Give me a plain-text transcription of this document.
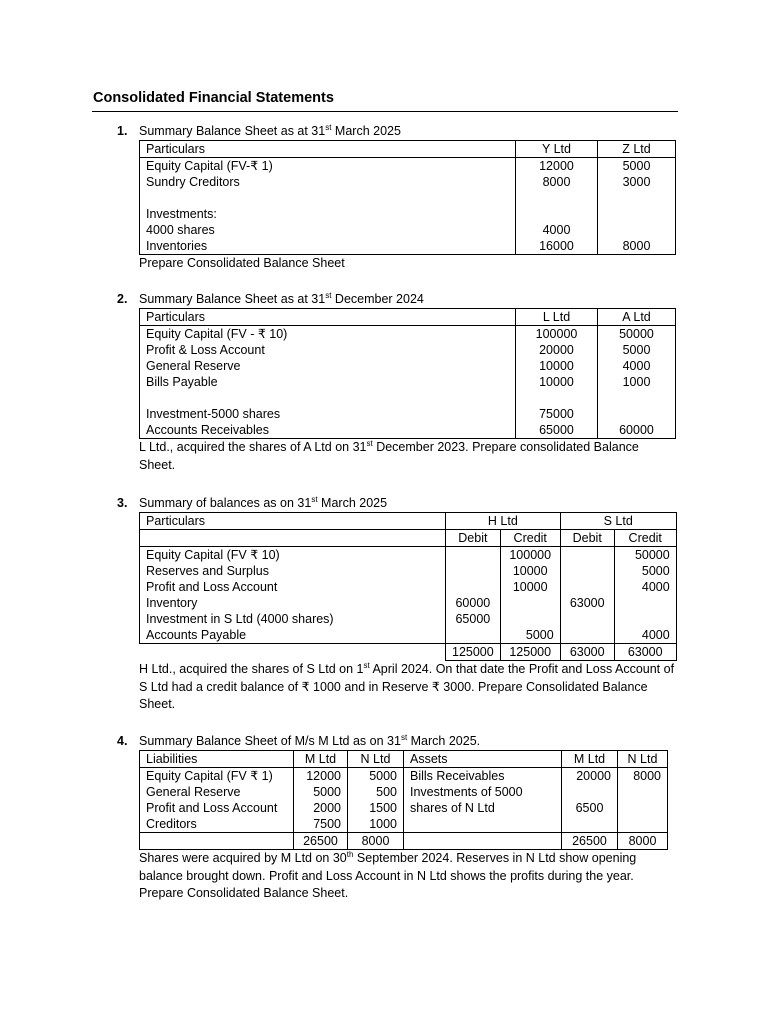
Consolidated Financial Statements
1. Summary Balance Sheet as at 31st March 2025
Particulars	Y Ltd	Z Ltd
Equity Capital (FV-₹ 1)	12000	5000
Sundry Creditors	8000	3000

Investments:		
4000 shares	4000	
Inventories	16000	8000
Prepare Consolidated Balance Sheet
2. Summary Balance Sheet as at 31st December 2024
Particulars	L Ltd	A Ltd
Equity Capital (FV - ₹ 10)	100000	50000
Profit & Loss Account	20000	5000
General Reserve	10000	4000
Bills Payable	10000	1000

Investment-5000 shares	75000	
Accounts Receivables	65000	60000
L Ltd., acquired the shares of A Ltd on 31st December 2023. Prepare consolidated Balance Sheet.
3. Summary of balances as on 31st March 2025
Particulars	H Ltd		S Ltd	
	Debit	Credit	Debit	Credit
Equity Capital (FV ₹ 10)		100000		50000
Reserves and Surplus		10000		5000
Profit and Loss Account		10000		4000
Inventory	60000		63000	
Investment in S Ltd (4000 shares)	65000			
Accounts Payable		5000		4000
	125000	125000	63000	63000
H Ltd., acquired the shares of S Ltd on 1st April 2024. On that date the Profit and Loss Account of S Ltd had a credit balance of ₹ 1000 and in Reserve ₹ 3000. Prepare Consolidated Balance Sheet.
4. Summary Balance Sheet of M/s M Ltd as on 31st March 2025.
Liabilities	M Ltd	N Ltd	Assets	M Ltd	N Ltd
Equity Capital (FV ₹ 1)	12000	5000	Bills Receivables	20000	8000
General Reserve	5000	500	Investments of 5000		
Profit and Loss Account	2000	1500	shares of N Ltd	6500	
Creditors	7500	1000			
	26500	8000		26500	8000
Shares were acquired by M Ltd on 30th September 2024. Reserves in N Ltd show opening balance brought down. Profit and Loss Account in N Ltd shows the profits during the year. Prepare Consolidated Balance Sheet.
